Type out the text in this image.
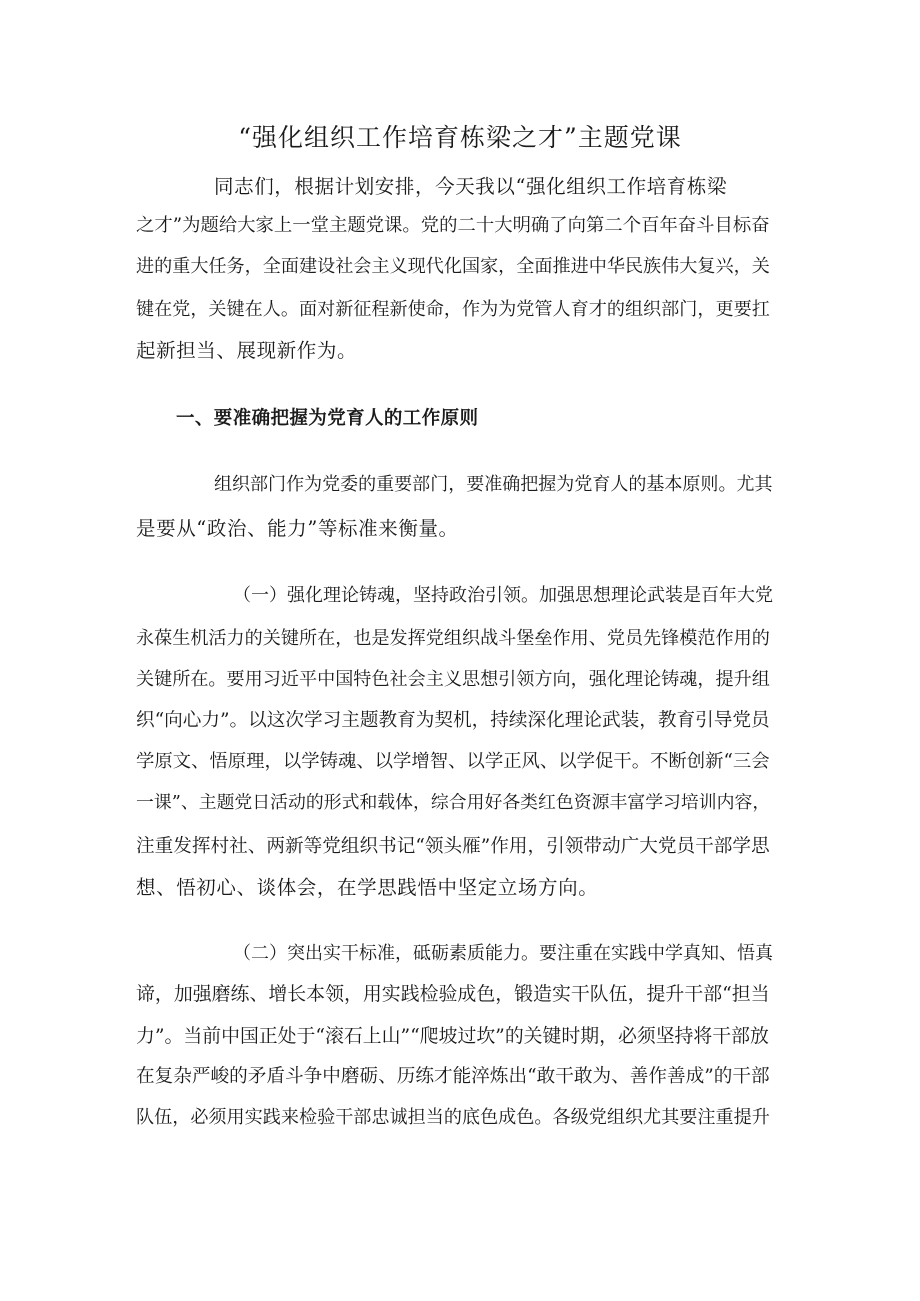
“强化组织工作培育栋梁之才”主题党课
同志们，根据计划安排，今天我以“强化组织工作培育栋梁
之才”为题给大家上一堂主题党课。党的二十大明确了向第二个百年奋斗目标奋
进的重大任务，全面建设社会主义现代化国家，全面推进中华民族伟大复兴，关
键在党，关键在人。面对新征程新使命，作为为党管人育才的组织部门，更要扛
起新担当、展现新作为。
一、要准确把握为党育人的工作原则
组织部门作为党委的重要部门，要准确把握为党育人的基本原则。尤其
是要从“政治、能力”等标准来衡量。
（一）强化理论铸魂，坚持政治引领。加强思想理论武装是百年大党
永葆生机活力的关键所在，也是发挥党组织战斗堡垒作用、党员先锋模范作用的
关键所在。要用习近平中国特色社会主义思想引领方向，强化理论铸魂，提升组
织“向心力”。以这次学习主题教育为契机，持续深化理论武装，教育引导党员
学原文、悟原理，以学铸魂、以学增智、以学正风、以学促干。不断创新“三会
一课”、主题党日活动的形式和载体，综合用好各类红色资源丰富学习培训内容，
注重发挥村社、两新等党组织书记“领头雁”作用，引领带动广大党员干部学思
想、悟初心、谈体会，在学思践悟中坚定立场方向。
（二）突出实干标准，砥砺素质能力。要注重在实践中学真知、悟真
谛，加强磨练、增长本领，用实践检验成色，锻造实干队伍，提升干部“担当
力”。当前中国正处于“滚石上山”“爬坡过坎”的关键时期，必须坚持将干部放
在复杂严峻的矛盾斗争中磨砺、历练才能淬炼出“敢干敢为、善作善成”的干部
队伍，必须用实践来检验干部忠诚担当的底色成色。各级党组织尤其要注重提升
